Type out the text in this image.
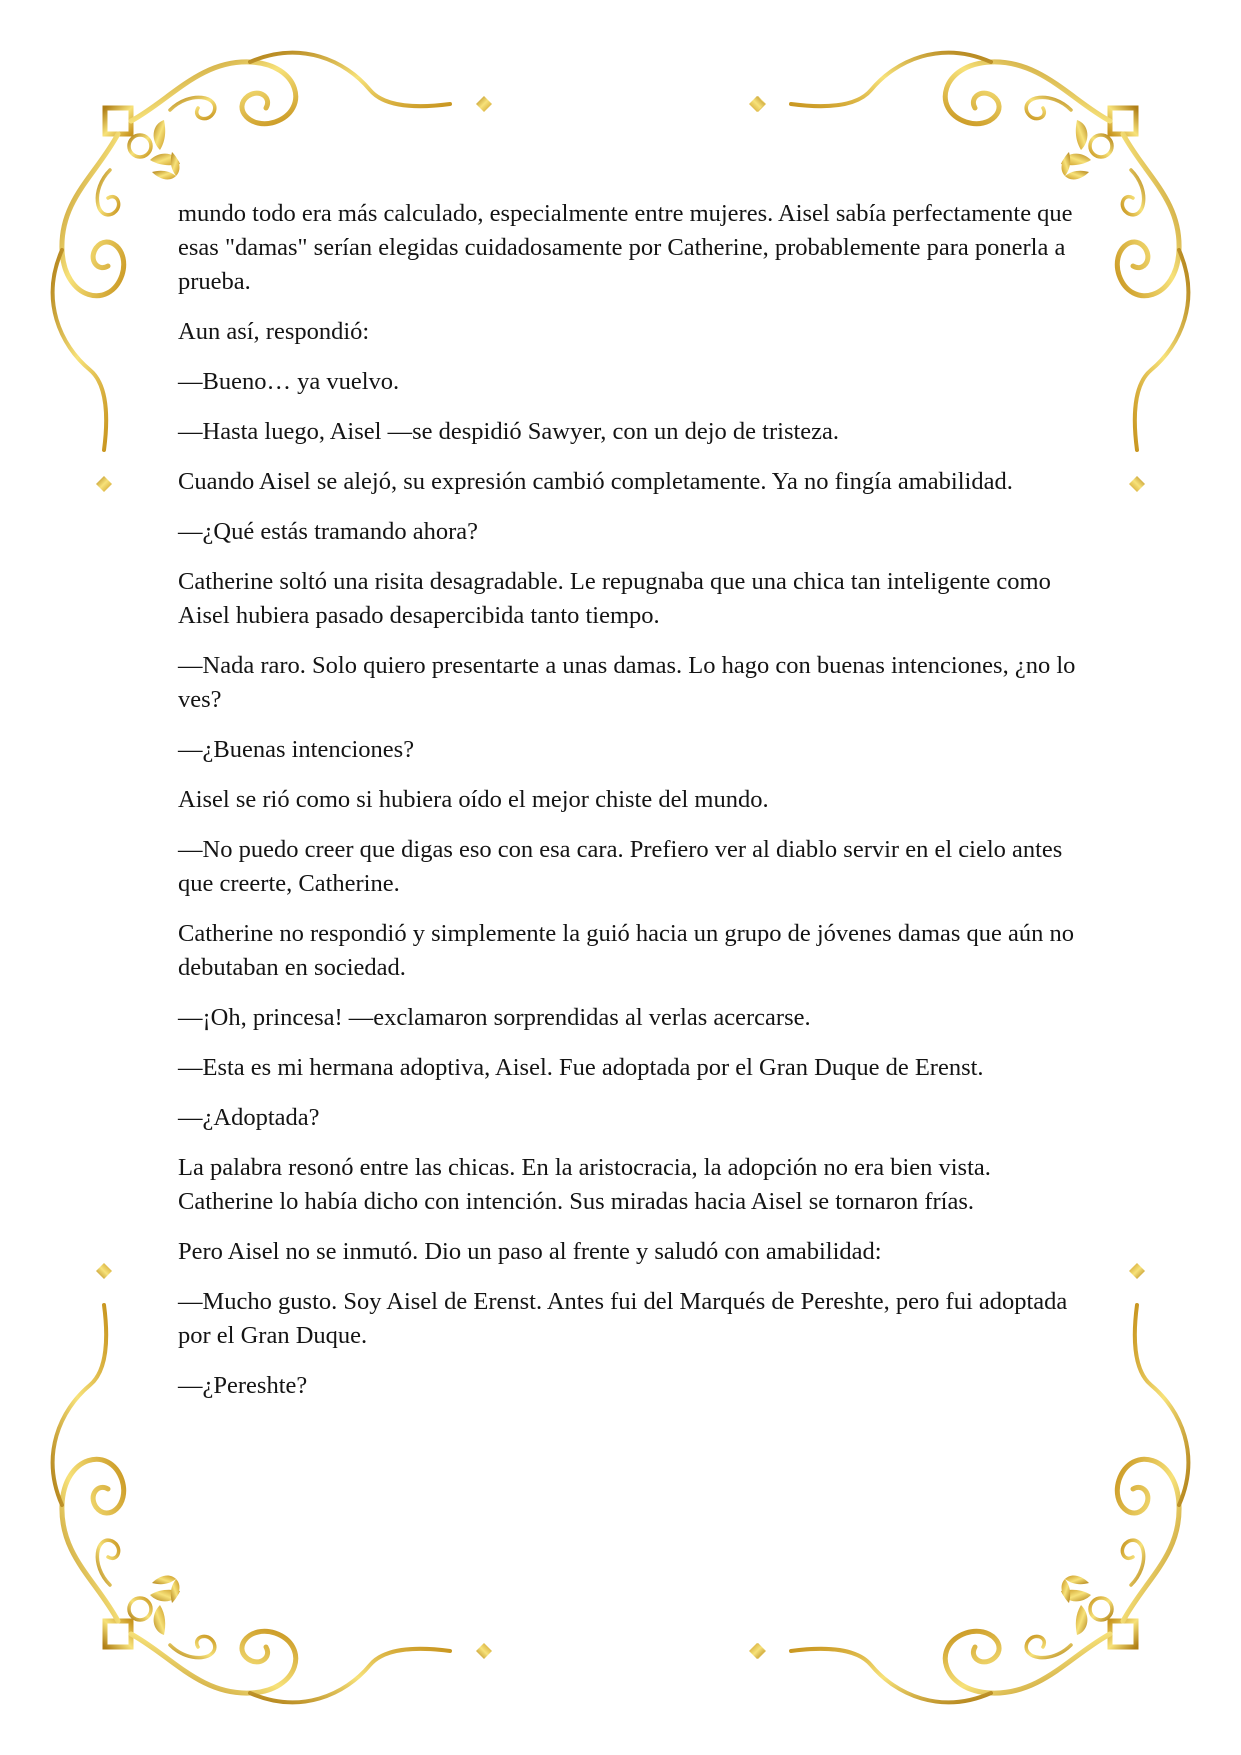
mundo todo era más calculado, especialmente entre mujeres. Aisel sabía perfectamente que esas "damas" serían elegidas cuidadosamente por Catherine, probablemente para ponerla a prueba.

Aun así, respondió:

—Bueno… ya vuelvo.

—Hasta luego, Aisel —se despidió Sawyer, con un dejo de tristeza.

Cuando Aisel se alejó, su expresión cambió completamente. Ya no fingía amabilidad.

—¿Qué estás tramando ahora?

Catherine soltó una risita desagradable. Le repugnaba que una chica tan inteligente como Aisel hubiera pasado desapercibida tanto tiempo.

—Nada raro. Solo quiero presentarte a unas damas. Lo hago con buenas intenciones, ¿no lo ves?

—¿Buenas intenciones?

Aisel se rió como si hubiera oído el mejor chiste del mundo.

—No puedo creer que digas eso con esa cara. Prefiero ver al diablo servir en el cielo antes que creerte, Catherine.

Catherine no respondió y simplemente la guió hacia un grupo de jóvenes damas que aún no debutaban en sociedad.

—¡Oh, princesa! —exclamaron sorprendidas al verlas acercarse.

—Esta es mi hermana adoptiva, Aisel. Fue adoptada por el Gran Duque de Erenst.

—¿Adoptada?

La palabra resonó entre las chicas. En la aristocracia, la adopción no era bien vista. Catherine lo había dicho con intención. Sus miradas hacia Aisel se tornaron frías.

Pero Aisel no se inmutó. Dio un paso al frente y saludó con amabilidad:

—Mucho gusto. Soy Aisel de Erenst. Antes fui del Marqués de Pereshte, pero fui adoptada por el Gran Duque.

—¿Pereshte?
